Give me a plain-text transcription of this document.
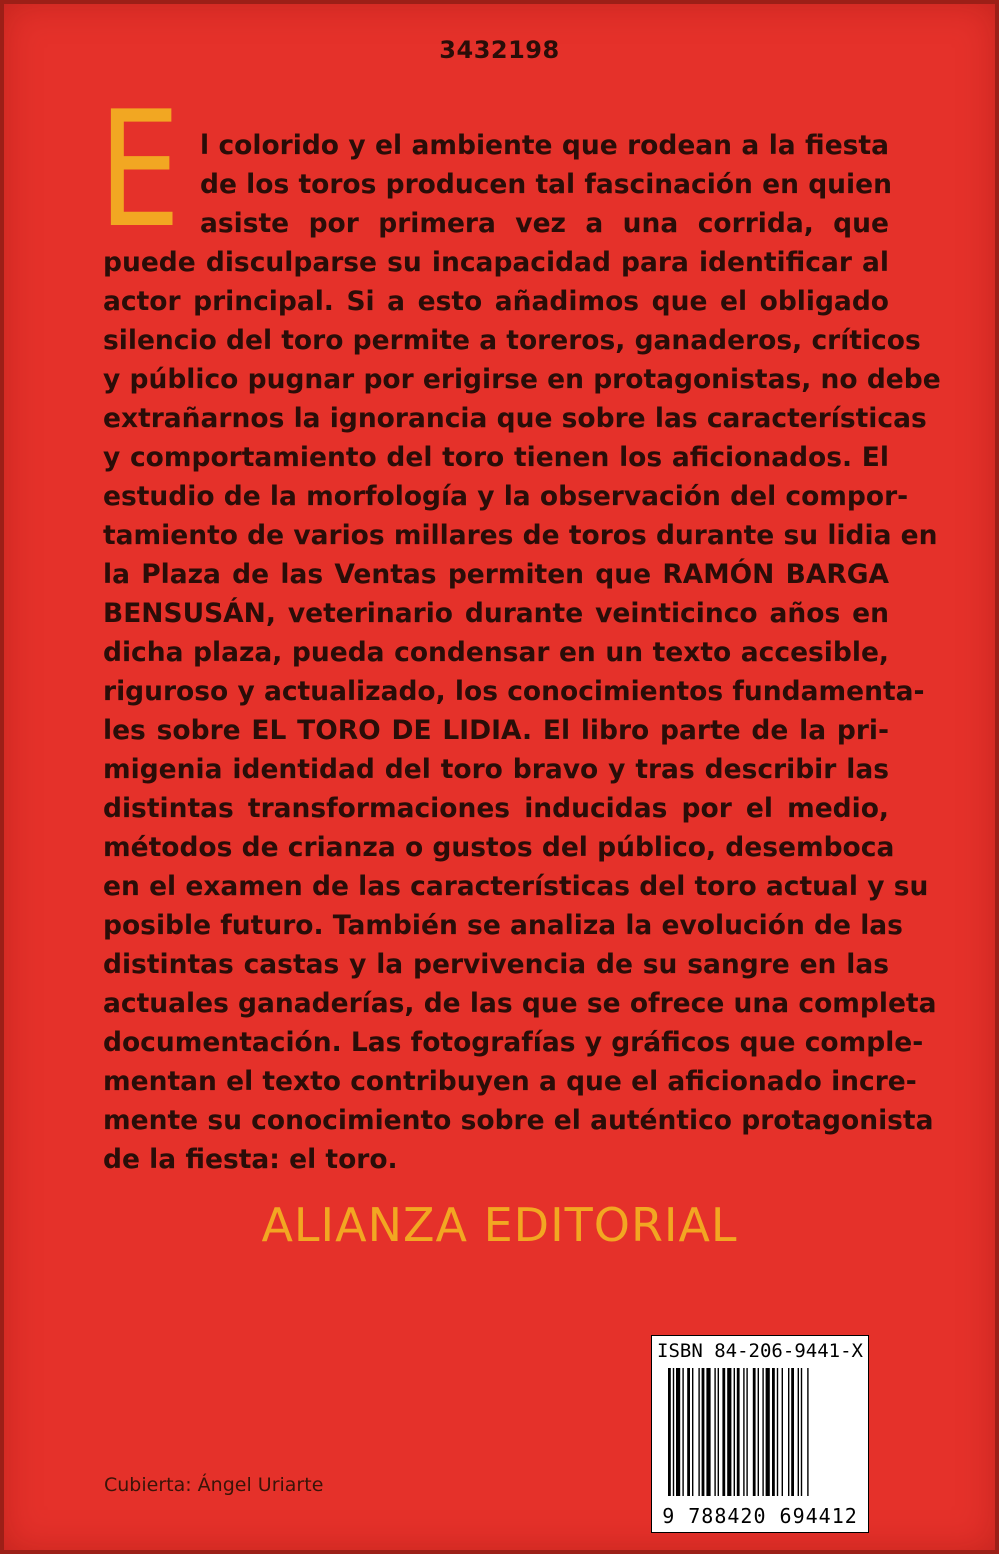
3432198
E l colorido y el ambiente que rodean a la fiesta
de los toros producen tal fascinación en quien
asiste por primera vez a una corrida, que
puede disculparse su incapacidad para identificar al
actor principal. Si a esto añadimos que el obligado
silencio del toro permite a toreros, ganaderos, críticos
y público pugnar por erigirse en protagonistas, no debe
extrañarnos la ignorancia que sobre las características
y comportamiento del toro tienen los aficionados. El
estudio de la morfología y la observación del compor-
tamiento de varios millares de toros durante su lidia en
la Plaza de las Ventas permiten que RAMÓN BARGA
BENSUSÁN, veterinario durante veinticinco años en
dicha plaza, pueda condensar en un texto accesible,
riguroso y actualizado, los conocimientos fundamenta-
les sobre EL TORO DE LIDIA. El libro parte de la pri-
migenia identidad del toro bravo y tras describir las
distintas transformaciones inducidas por el medio,
métodos de crianza o gustos del público, desemboca
en el examen de las características del toro actual y su
posible futuro. También se analiza la evolución de las
distintas castas y la pervivencia de su sangre en las
actuales ganaderías, de las que se ofrece una completa
documentación. Las fotografías y gráficos que comple-
mentan el texto contribuyen a que el aficionado incre-
mente su conocimiento sobre el auténtico protagonista
de la fiesta: el toro.
ALIANZA EDITORIAL
ISBN 84-206-9441-X
9 788420 694412
Cubierta: Ángel Uriarte
